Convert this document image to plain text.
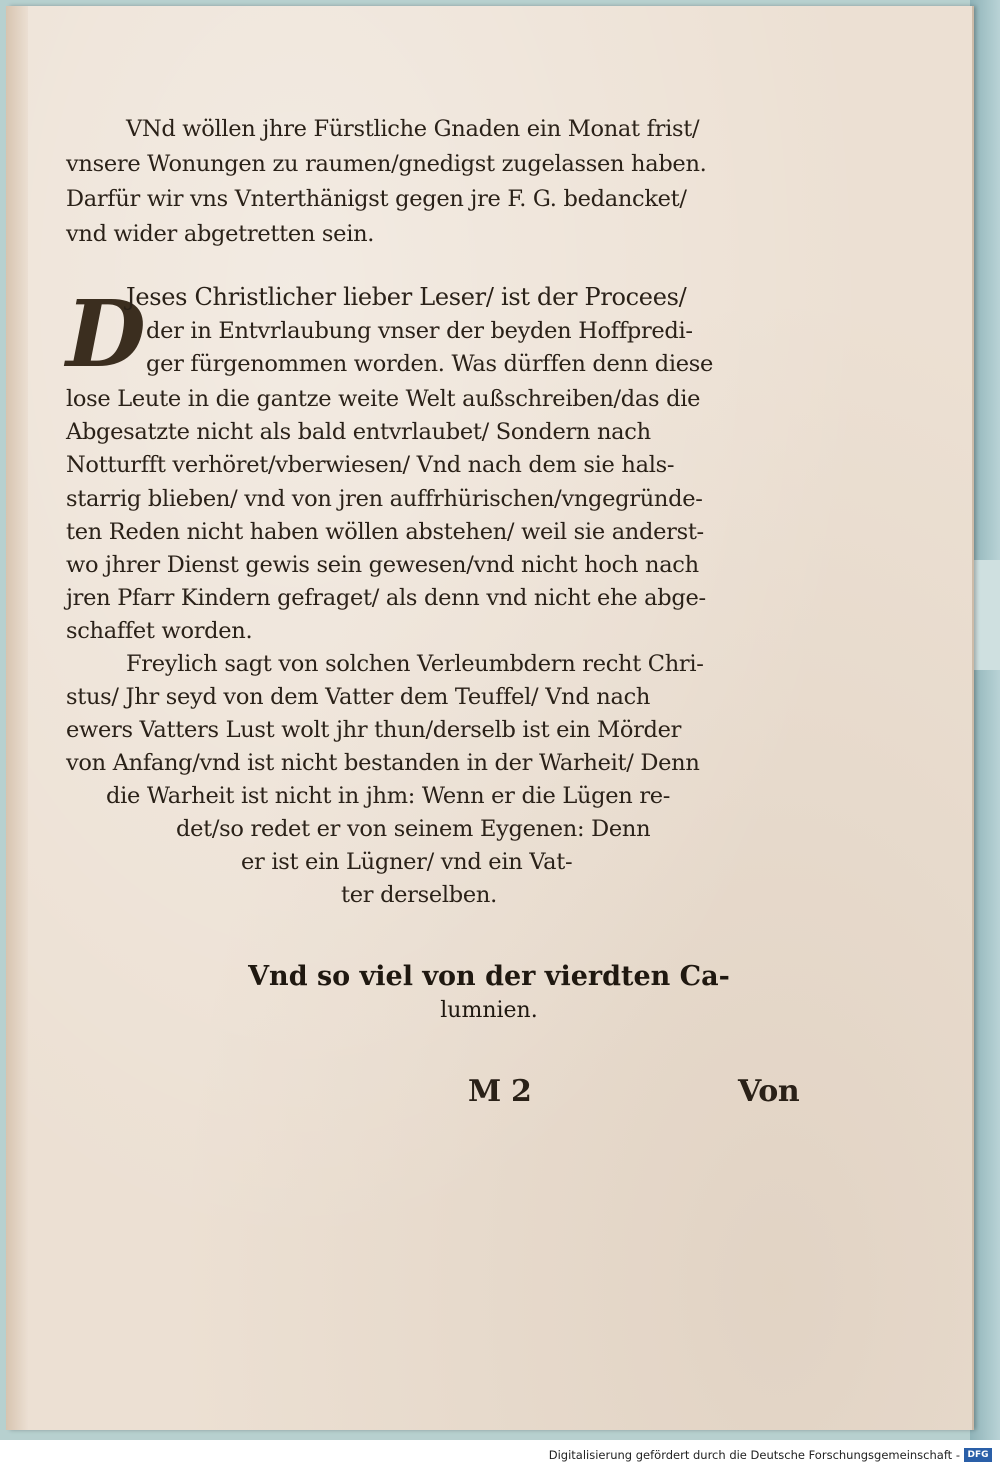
VNd wöllen jhre Fürstliche Gnaden ein Monat frist/
vnsere Wonungen zu raumen/gnedigst zugelassen haben.
Darfür wir vns Vnterthänigst gegen jre F. G. bedancket/
vnd wider abgetretten sein.
D
Jeses Christlicher lieber Leser/ ist der Procees/
der in Entvrlaubung vnser der beyden Hoffpredi-
ger fürgenommen worden. Was dürffen denn diese
lose Leute in die gantze weite Welt außschreiben/das die
Abgesatzte nicht als bald entvrlaubet/ Sondern nach
Notturfft verhöret/vberwiesen/ Vnd nach dem sie hals-
starrig blieben/ vnd von jren auffrhürischen/vngegründe-
ten Reden nicht haben wöllen abstehen/ weil sie anderst-
wo jhrer Dienst gewis sein gewesen/vnd nicht hoch nach
jren Pfarr Kindern gefraget/ als denn vnd nicht ehe abge-
schaffet worden.
Freylich sagt von solchen Verleumbdern recht Chri-
stus/ Jhr seyd von dem Vatter dem Teuffel/ Vnd nach
ewers Vatters Lust wolt jhr thun/derselb ist ein Mörder
von Anfang/vnd ist nicht bestanden in der Warheit/ Denn
die Warheit ist nicht in jhm: Wenn er die Lügen re-
det/so redet er von seinem Eygenen: Denn
er ist ein Lügner/ vnd ein Vat-
ter derselben.
Vnd so viel von der vierdten Ca-
lumnien.
M 2	Von
Digitalisierung gefördert durch die Deutsche Forschungsgemeinschaft - DFG
